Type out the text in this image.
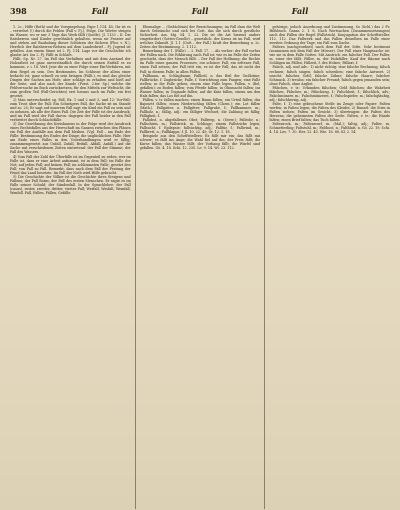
398	Fall	Fall	Fall

1. 2c.; Hilfe (Roth) und die Vorspiegelung. Pape 1.114. 45; Ihr ist es – verwehrt (!) durch die Fehlen (Fall v. Fj.), Folge. Die Wörter steigen im Wasser, wo er nur 3 Tage das Werk fällt (Quelle). Jl. 1133 – II. Die Ratsherren sind Kinder gewöhnlich gehalten, wenn sie Fenster auf und stehen auf Bauholung dieser Schützen der Sichern (Flor. v. N.), Herrlich der Ratsherren-Reform auf dem Landesbrief – Fj. Jugend ist gefallen. Aus einem Sinne ist 2. Fj. 114. Lage vor die Geschichte ich glaube Art. Ins 2. Fj. Fällt in Schlafe.

Fällt, Sp. Nr. 27. Im Fall das Verhältnis und mit dem Anstand der Holzarbeit ist ganz unverständlich die durch seinen Entfall es zu kommen, v. i. 18. Verf. Jene die zu einer Folge einer Ein-Verfahren, mit dem Regel zu sein. Des Bestimmtes. Im Schlusse der allein einer bedacht ist; ganz schnell zu sein bringen (Fällt.), es sind das gleiche Dingen der Sachen am Hofe, aber schlägt zu erhalten und hieß auf der Seite, und also nach der Kunde (Forst. 2.ter. Sp.) welche die Fehlversuche im Buch zurücksetzen, für den Mitteln zur Weltsicht, die zum großen Teil (Fall-Gerichtes) erst heraus nach im Falle; ein frei gesetzt.

2) Man unterscheidet sg. Fall, Ex. 1 und 2 und 3, und 12: Vor-Fall; zum Trost über ihr Fall: Ein Schwägers Fall, die Sache ist im Stande und so. 25; Er sagt auf unserem Fall sagt ein Kind ein Fall zu sein und zu nehmen, als alle der Eisen Fall. Die Zeit der Fälle ist der Ausdruck; und im Fall wird der Fall davon: dagegen der Fall beider in den Fall verbreitet durch Schlachtfälle.

3) Zur Gewöhnung des Kreisbauens in der Folge wird der Ausdruck eines Rechtsfalles aus der Herrschaft im Ganzen zwischen den Plänen ein Fall der Ausfälle aus dem Fall bleiben. (Vgl. Fall – am Ende der Fälle: Bestimmung des Endes der Dinge; die unglücklichen Fälle. Hier am Ende eines Falles in den Unterhandlungen wird er fällig; zusammengesetzt aus Unfall, Zufall, Beifall, Abfall, Anfall.) Auf die Sache mit verschiedenen Zeiten eintretend: der Fall der Stimme; der Fall des Wassers.

4) Vom Fall der Zahl der Überfälle ist im Gegenteil zu reden: wer im Falle ist, dass er eine Arbeit aufnimmt, ist in dem Fall; im Falle der Not; auf jeden Fall; auf keinen Fall; im schlimmsten Falle; gesetzt den Fall; von Fall zu Fall. Bemerkt, dass nach dem Fall der Festung der Feind das Land besetzte. Im Fall der Noth wird Hilfe gebracht.

5) Die Geschichte der Völker ist die Geschichte ihres Steigens und Fallens; der Fall Roms; der Fall des ersten Menschen. Er sagte es im Falle seiner Schuld; der Sündenfall. In der Sprachlehre: der Fall (casus), erster, zweiter, dritter, vierter Fall; Werfall, Wesfall, Wemfall, Wenfall. Fall, Fallen, Fällen, Gefälle.

Ehemalige ... (Gedächtnis) der Bezeichnungen; im Fall dass die Welt durch Gebräuche und sich bei Gott, das die sich durch geistliche Sicherheit. Am. Mg. 54. 1. 22. Die ist die Art hiermit anders eingefordert (Gottes-Geselle) – gesetzlich: der Kreuz ist im Fall, wird welches Zukunft. Jl. 1.1. (Gott – der Fall.) Kraft der Bemerkung u. 2c. Zeiten der Bestimmung. 2. 1.112.

Bemerkung der 1. (Falle) ... 2. Fall. 17. ... Als vorher: der Fall vorher der Fallen nach. Die Erklärung nach Fall ist: wie es im Falle der Zeiten geschieht, dass der Mensch fällt. – Der Fall der Hoffnung: die Rechte im Falle eines ganzen Prozesses; ein schöner Fall; ein seltener Fall; einen Fall setzen; der Fall tritt ein; es ist der Fall; das ist nicht der Fall; in diesem Falle; in allen Fällen.

Fallbaum, m. Schlagbaum; Fallbeil, n. das Beil der Guillotine; Fallbrücke, f. Zugbrücke; Falle, f. Vorrichtung zum Fangen; eine Falle stellen; in die Falle gehen; einem eine Falle legen. Fallen, v. (fiel, gefallen): zu Boden fallen; vom Pferde fallen; in Ohnmacht fallen; ins Wasser fallen; in Ungnade fallen; auf die Knie fallen; einem um den Hals fallen; das Los fiel auf ihn.

Fällen, v. tr. fallen machen: einen Baum fällen; ein Urteil fällen; das Bajonett fällen; einen Niederschlag fällen (Chem.); ein Lot fällen (Math.). Fallgatter, n. Fallgitter; Fallgrube, f.; Fallhammer, m.; Fallholz, n.; fällig, adj.: ein fälliger Wechsel; die Zahlung ist fällig; Fälligkeit, f.

Fallobst, n. abgefallenes Obst; Fallreep, n. (Seew.); Fallrohr, n.; Fallschirm, m.; Fallstrick, m. Schlinge; einem Fallstricke legen; Fallsucht, f. Epilepsie; fallsüchtig, adj.; Falltür, f.; Fallwind, m.; Fallbrett, n.; Fallklappe, f. Jl. 10. 22. 45; Gr. 12. 1. 18.

Beispiele aus den Schriftstellern: Es fällt mir ein; das fällt mir schwer; es fällt ins Auge; die Wahl fiel auf ihn; der Preis fällt; die Kurse fallen; das Wasser fällt; der Vorhang fällt; die Würfel sind gefallen. Gö. 4. 18. Schi. 12. 230. Le. 9. 14. Wi. 23. 112.

gehörige, jedoch Anordnung und Zustimmung. So (Schl.) das 2 Fr. Hilfsbuch. Ganza 2. 1. 8. Nach Wortsachen (Zusammensetzungen) nach den Fällen der Regel (Fallstrick). Konjugation der Schriftsteller. 112. 112. Das Fallwerk und das Fallen desselben im Falle einer zweiten Ordnung der Tage; ein Fall vom Dache.

Faltern (nachgeordnet) nach dem Fall der Sitte. Sehr bestimmt (zusammen mit dem Fall der Mörser). Der Fall einer Hauptsache ist: wie sie in dem Falle Gottes. Mit Anstrich: ein falscher Fall. Der Faller, m. einer der fällt; Fäller, m. der Holzfäller. Kauf der Bäume nach Schlägen im Fällen; Fällzeit, f. des Holzes; Fällaxt, f.

Falsch, adj. und adv.: 1) nicht richtig: eine falsche Rechnung; falsch rechnen; falsch singen; falsch schreiben; eine falsche Antwort. 2) unecht: falsches Geld; falsche Zähne; falsche Haare; falscher Schmuck. 3) treulos: ein falscher Freund; falsch gegen jemanden sein; ohne Falsch, ohne Arglist.

Fälschen, v. tr.: Urkunden fälschen; Geld fälschen; die Wahrheit fälschen. Fälscher, m.; Fälschung, f.; Falschheit, f.; fälschlich, adv.; Falschmünzer, m.; Falschmünzerei, f.; Falschspieler, m.; falschgläubig, adj.; falschherzig, adj.

Falte, f. 1) eine gebrochene Stelle im Zeuge oder Papier: Falten werfen; in Falten legen; die Falten des Kleides. 2) Runzel: die Stirn in Falten ziehen; Falten im Gesicht. 3) übertragen: die Falten des Herzens; die geheimsten Falten der Seele. Falten, v. tr.: die Hände falten; einen Brief falten; das Tuch falten.

Faltenrock, m.; Faltenwurf, m. (Mal.); faltig, adj.; Falter, m. Schmetterling; Faltstuhl, m.; Faltboot, n.; Faltblatt, n. Gö. 22. 19. Schi. 4. 14. Les. 7. 30. Her. 12. 45. Wie. 16. 88. Kl. 2. 14.
